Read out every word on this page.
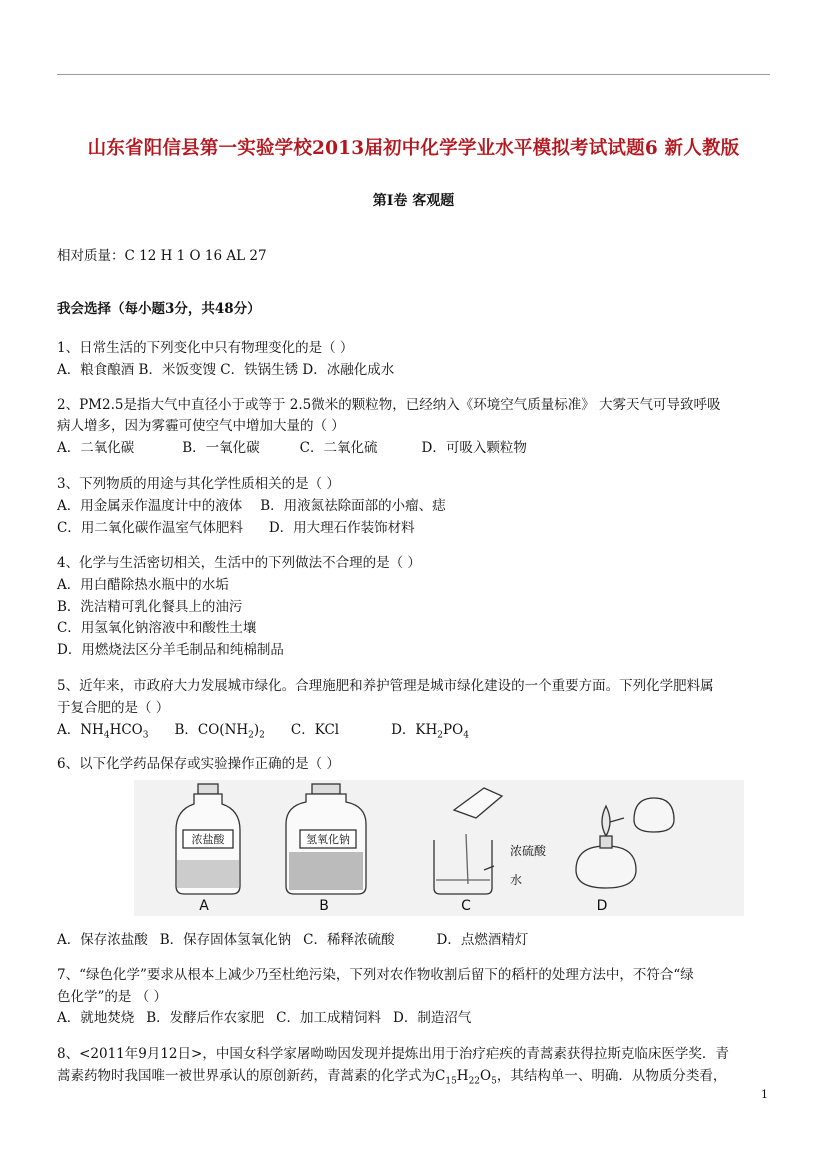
山东省阳信县第一实验学校2013届初中化学学业水平模拟考试试题6 新人教版
第Ⅰ卷 客观题
相对质量：C 12 H 1 O 16 AL 27
我会选择（每小题3分，共48分）
1、日常生活的下列变化中只有物理变化的是（ ）
A．粮食酿酒 B．米饭变馊 C．铁锅生锈 D．冰融化成水
2、PM2.5是指大气中直径小于或等于 2.5微米的颗粒物，已经纳入《环境空气质量标准》 大雾天气可导致呼吸
病人增多，因为雾霾可使空气中增加大量的（ ）
A．二氧化碳	B．一氧化碳	C．二氧化硫	D．可吸入颗粒物
3、下列物质的用途与其化学性质相关的是（ ）
A．用金属汞作温度计中的液体 B．用液氮祛除面部的小瘤、痣
C．用二氧化碳作温室气体肥料 D．用大理石作装饰材料
4、化学与生活密切相关，生活中的下列做法不合理的是（ ）
A．用白醋除热水瓶中的水垢
B．洗洁精可乳化餐具上的油污
C．用氢氧化钠溶液中和酸性土壤
D．用燃烧法区分羊毛制品和纯棉制品
5、近年来，市政府大力发展城市绿化。合理施肥和养护管理是城市绿化建设的一个重要方面。下列化学肥料属
于复合肥的是（ ）
A．$NH_4HCO_3$ B．$CO(NH_2)_2$ C．KCl	D．$KH_2PO_4$
6、以下化学药品保存或实验操作正确的是（ ）
浓盐酸
A
氢氧化钠
B
浓硫酸
水
C	D
A．保存浓盐酸 B．保存固体氢氧化钠 C．稀释浓硫酸	D．点燃酒精灯
7、“绿色化学”要求从根本上减少乃至杜绝污染，下列对农作物收割后留下的稻杆的处理方法中，不符合“绿
色化学”的是 （ ）
A．就地焚烧 B．发酵后作农家肥 C．加工成精饲料 D．制造沼气
8、<2011年9月12日>，中国女科学家屠呦呦因发现并提炼出用于治疗疟疾的青蒿素获得拉斯克临床医学奖．青
蒿素药物时我国唯一被世界承认的原创新药，青蒿素的化学式为$C_{15}H_{22}O_5$，其结构单一、明确．从物质分类看，
1
